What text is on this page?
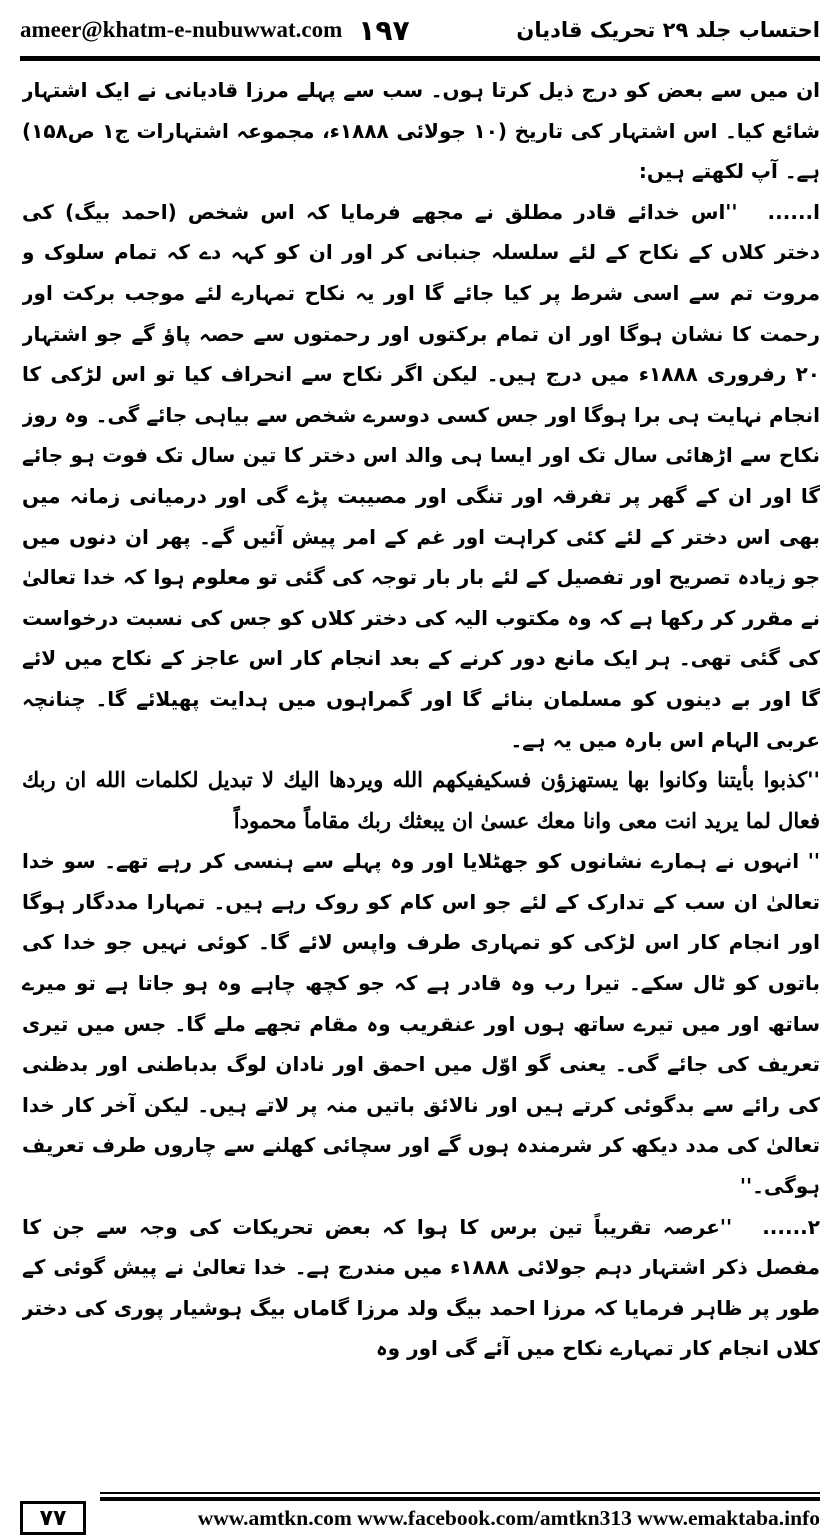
ameer@khatm-e-nubuwwat.com ۱۹۷	احتساب جلد ۲۹ تحریک قادیان

ان میں سے بعض کو درج ذیل کرتا ہوں۔ سب سے پہلے مرزا قادیانی نے ایک اشتہار شائع کیا۔ اس اشتہار کی تاریخ (۱۰ جولائی ۱۸۸۸ء، مجموعہ اشتہارات ج۱ ص۱۵۸) ہے۔ آپ لکھتے ہیں:

ا......''اس خدائے قادر مطلق نے مجھے فرمایا کہ اس شخص (احمد بیگ) کی دختر کلاں کے نکاح کے لئے سلسلہ جنبانی کر اور ان کو کہہ دے کہ تمام سلوک و مروت تم سے اسی شرط پر کیا جائے گا اور یہ نکاح تمہارے لئے موجب برکت اور رحمت کا نشان ہوگا اور ان تمام برکتوں اور رحمتوں سے حصہ پاؤ گے جو اشتہار ۲۰ رفروری ۱۸۸۸ء میں درج ہیں۔ لیکن اگر نکاح سے انحراف کیا تو اس لڑکی کا انجام نہایت ہی برا ہوگا اور جس کسی دوسرے شخص سے بیاہی جائے گی۔ وہ روز نکاح سے اڑھائی سال تک اور ایسا ہی والد اس دختر کا تین سال تک فوت ہو جائے گا اور ان کے گھر پر تفرقہ اور تنگی اور مصیبت پڑے گی اور درمیانی زمانہ میں بھی اس دختر کے لئے کئی کراہت اور غم کے امر پیش آئیں گے۔ پھر ان دنوں میں جو زیادہ تصریح اور تفصیل کے لئے بار بار توجہ کی گئی تو معلوم ہوا کہ خدا تعالیٰ نے مقرر کر رکھا ہے کہ وہ مکتوب الیہ کی دختر کلاں کو جس کی نسبت درخواست کی گئی تھی۔ ہر ایک مانع دور کرنے کے بعد انجام کار اس عاجز کے نکاح میں لائے گا اور بے دینوں کو مسلمان بنائے گا اور گمراہوں میں ہدایت پھیلائے گا۔ چنانچہ عربی الہام اس بارہ میں یہ ہے۔

''كذبوا بأيتنا وكانوا بها يستهزؤن فسكيفيكهم الله ويردها اليك لا تبديل لكلمات الله ان ربك فعال لما يريد انت معى وانا معك عسىٰ ان يبعثك ربك مقاماً محموداً

'' انہوں نے ہمارے نشانوں کو جھٹلایا اور وہ پہلے سے ہنسی کر رہے تھے۔ سو خدا تعالیٰ ان سب کے تدارک کے لئے جو اس کام کو روک رہے ہیں۔ تمہارا مددگار ہوگا اور انجام کار اس لڑکی کو تمہاری طرف واپس لائے گا۔ کوئی نہیں جو خدا کی باتوں کو ٹال سکے۔ تیرا رب وہ قادر ہے کہ جو کچھ چاہے وہ ہو جاتا ہے تو میرے ساتھ اور میں تیرے ساتھ ہوں اور عنقریب وہ مقام تجھے ملے گا۔ جس میں تیری تعریف کی جائے گی۔ یعنی گو اوّل میں احمق اور نادان لوگ بدباطنی اور بدظنی کی رائے سے بدگوئی کرتے ہیں اور نالائق باتیں منہ پر لاتے ہیں۔ لیکن آخر کار خدا تعالیٰ کی مدد دیکھ کر شرمندہ ہوں گے اور سچائی کھلنے سے چاروں طرف تعریف ہوگی۔''

۲......''عرصہ تقریباً تین برس کا ہوا کہ بعض تحریکات کی وجہ سے جن کا مفصل ذکر اشتہار دہم جولائی ۱۸۸۸ء میں مندرج ہے۔ خدا تعالیٰ نے پیش گوئی کے طور پر ظاہر فرمایا کہ مرزا احمد بیگ ولد مرزا گاماں بیگ ہوشیار پوری کی دختر کلاں انجام کار تمہارے نکاح میں آئے گی اور وہ

۷۷	www.amtkn.com www.facebook.com/amtkn313 www.emaktaba.info
